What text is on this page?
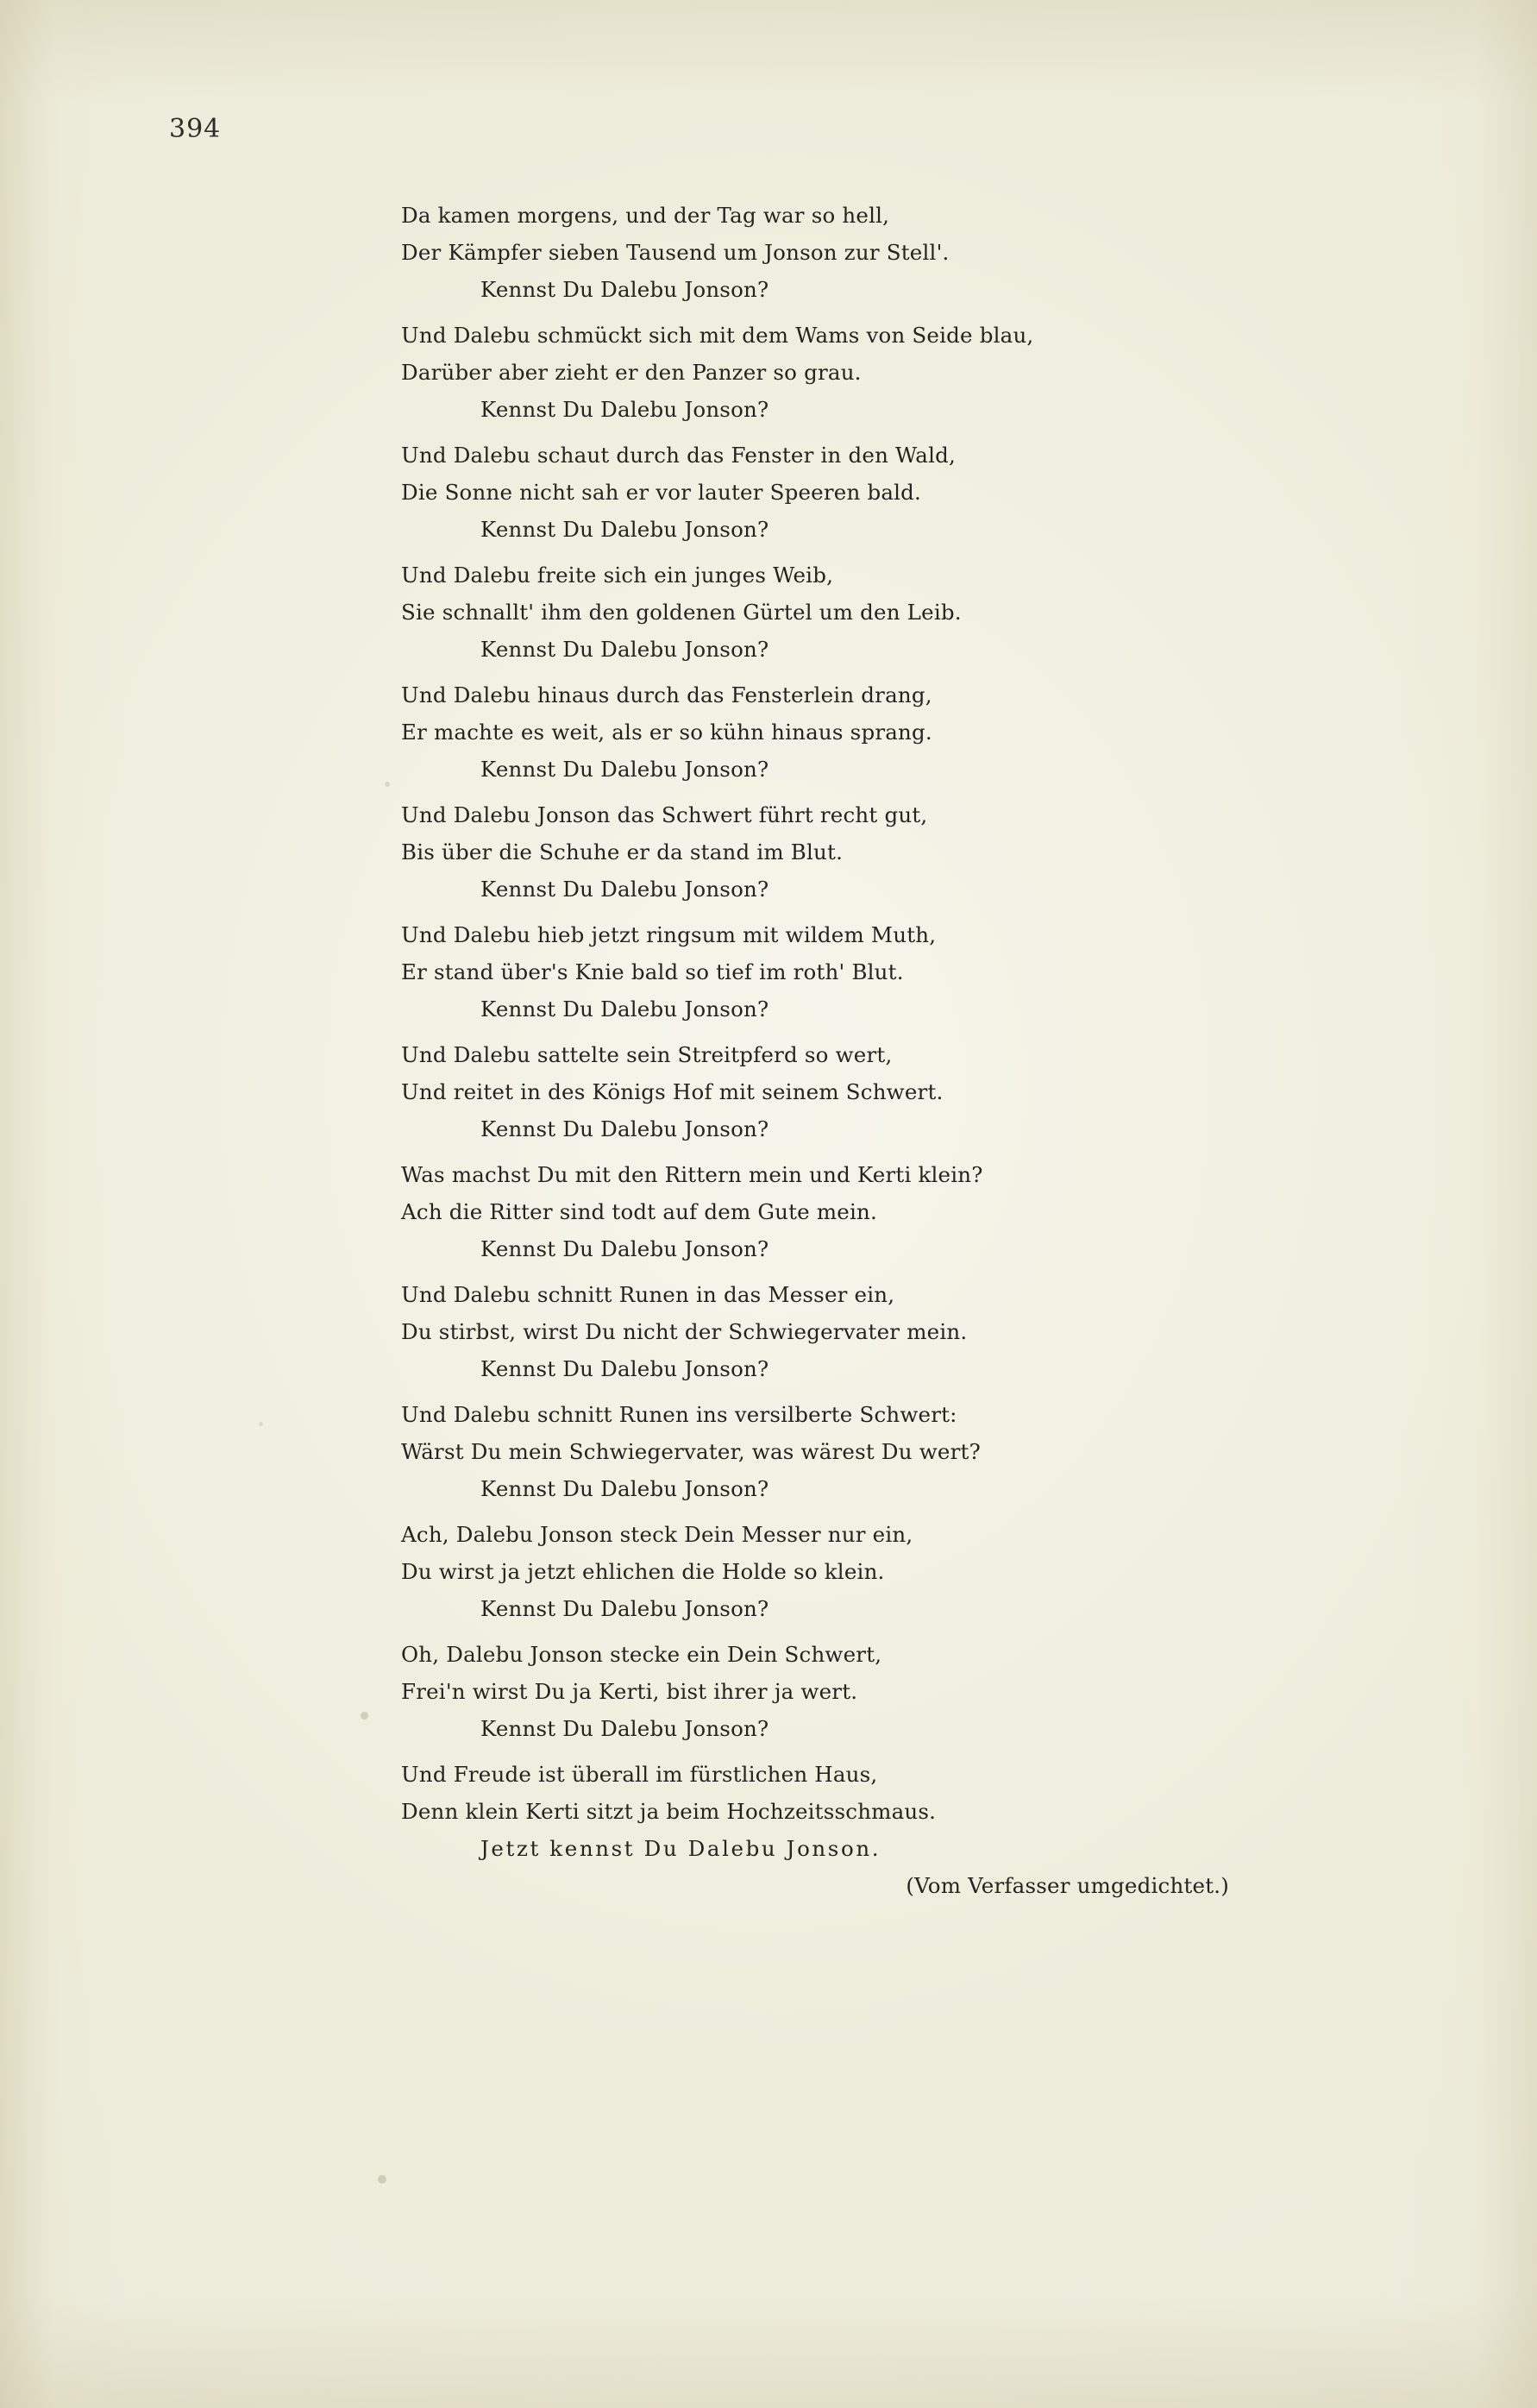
394
Da kamen morgens, und der Tag war so hell,
Der Kämpfer sieben Tausend um Jonson zur Stell'.
Kennst Du Dalebu Jonson?
Und Dalebu schmückt sich mit dem Wams von Seide blau,
Darüber aber zieht er den Panzer so grau.
Kennst Du Dalebu Jonson?
Und Dalebu schaut durch das Fenster in den Wald,
Die Sonne nicht sah er vor lauter Speeren bald.
Kennst Du Dalebu Jonson?
Und Dalebu freite sich ein junges Weib,
Sie schnallt' ihm den goldenen Gürtel um den Leib.
Kennst Du Dalebu Jonson?
Und Dalebu hinaus durch das Fensterlein drang,
Er machte es weit, als er so kühn hinaus sprang.
Kennst Du Dalebu Jonson?
Und Dalebu Jonson das Schwert führt recht gut,
Bis über die Schuhe er da stand im Blut.
Kennst Du Dalebu Jonson?
Und Dalebu hieb jetzt ringsum mit wildem Muth,
Er stand über's Knie bald so tief im roth' Blut.
Kennst Du Dalebu Jonson?
Und Dalebu sattelte sein Streitpferd so wert,
Und reitet in des Königs Hof mit seinem Schwert.
Kennst Du Dalebu Jonson?
Was machst Du mit den Rittern mein und Kerti klein?
Ach die Ritter sind todt auf dem Gute mein.
Kennst Du Dalebu Jonson?
Und Dalebu schnitt Runen in das Messer ein,
Du stirbst, wirst Du nicht der Schwiegervater mein.
Kennst Du Dalebu Jonson?
Und Dalebu schnitt Runen ins versilberte Schwert:
Wärst Du mein Schwiegervater, was wärest Du wert?
Kennst Du Dalebu Jonson?
Ach, Dalebu Jonson steck Dein Messer nur ein,
Du wirst ja jetzt ehlichen die Holde so klein.
Kennst Du Dalebu Jonson?
Oh, Dalebu Jonson stecke ein Dein Schwert,
Frei'n wirst Du ja Kerti, bist ihrer ja wert.
Kennst Du Dalebu Jonson?
Und Freude ist überall im fürstlichen Haus,
Denn klein Kerti sitzt ja beim Hochzeitsschmaus.
Jetzt kennst Du Dalebu Jonson.
(Vom Verfasser umgedichtet.)
